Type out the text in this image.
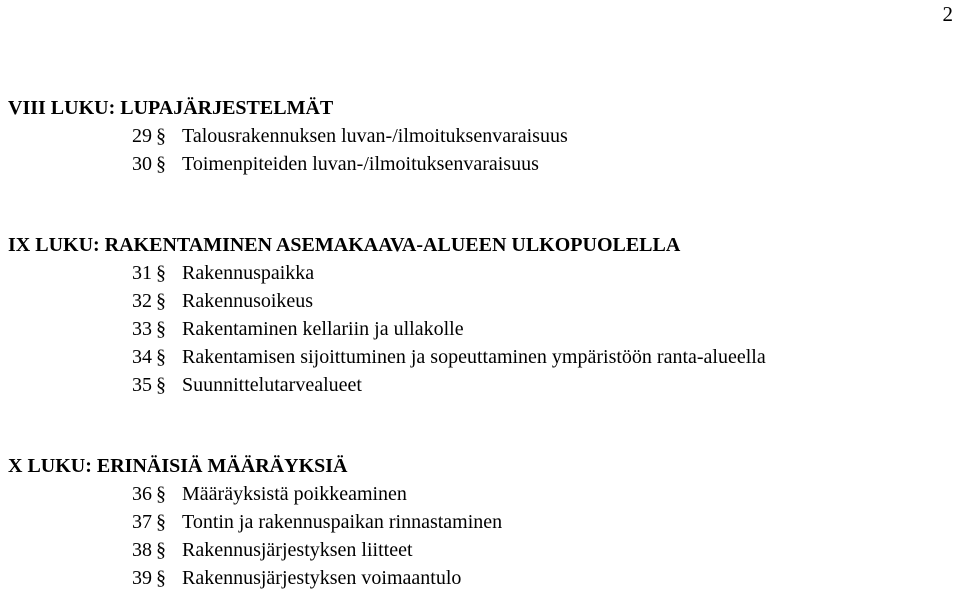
2
VIII LUKU: LUPAJÄRJESTELMÄT
29 § Talousrakennuksen luvan-/ilmoituksenvaraisuus
30 § Toimenpiteiden luvan-/ilmoituksenvaraisuus
IX LUKU: RAKENTAMINEN ASEMAKAAVA-ALUEEN ULKOPUOLELLA
31 § Rakennuspaikka
32 § Rakennusoikeus
33 § Rakentaminen kellariin ja ullakolle
34 § Rakentamisen sijoittuminen ja sopeuttaminen ympäristöön ranta-alueella
35 § Suunnittelutarvealueet
X LUKU: ERINÄISIÄ MÄÄRÄYKSIÄ
36 § Määräyksistä poikkeaminen
37 § Tontin ja rakennuspaikan rinnastaminen
38 § Rakennusjärjestyksen liitteet
39 § Rakennusjärjestyksen voimaantulo
